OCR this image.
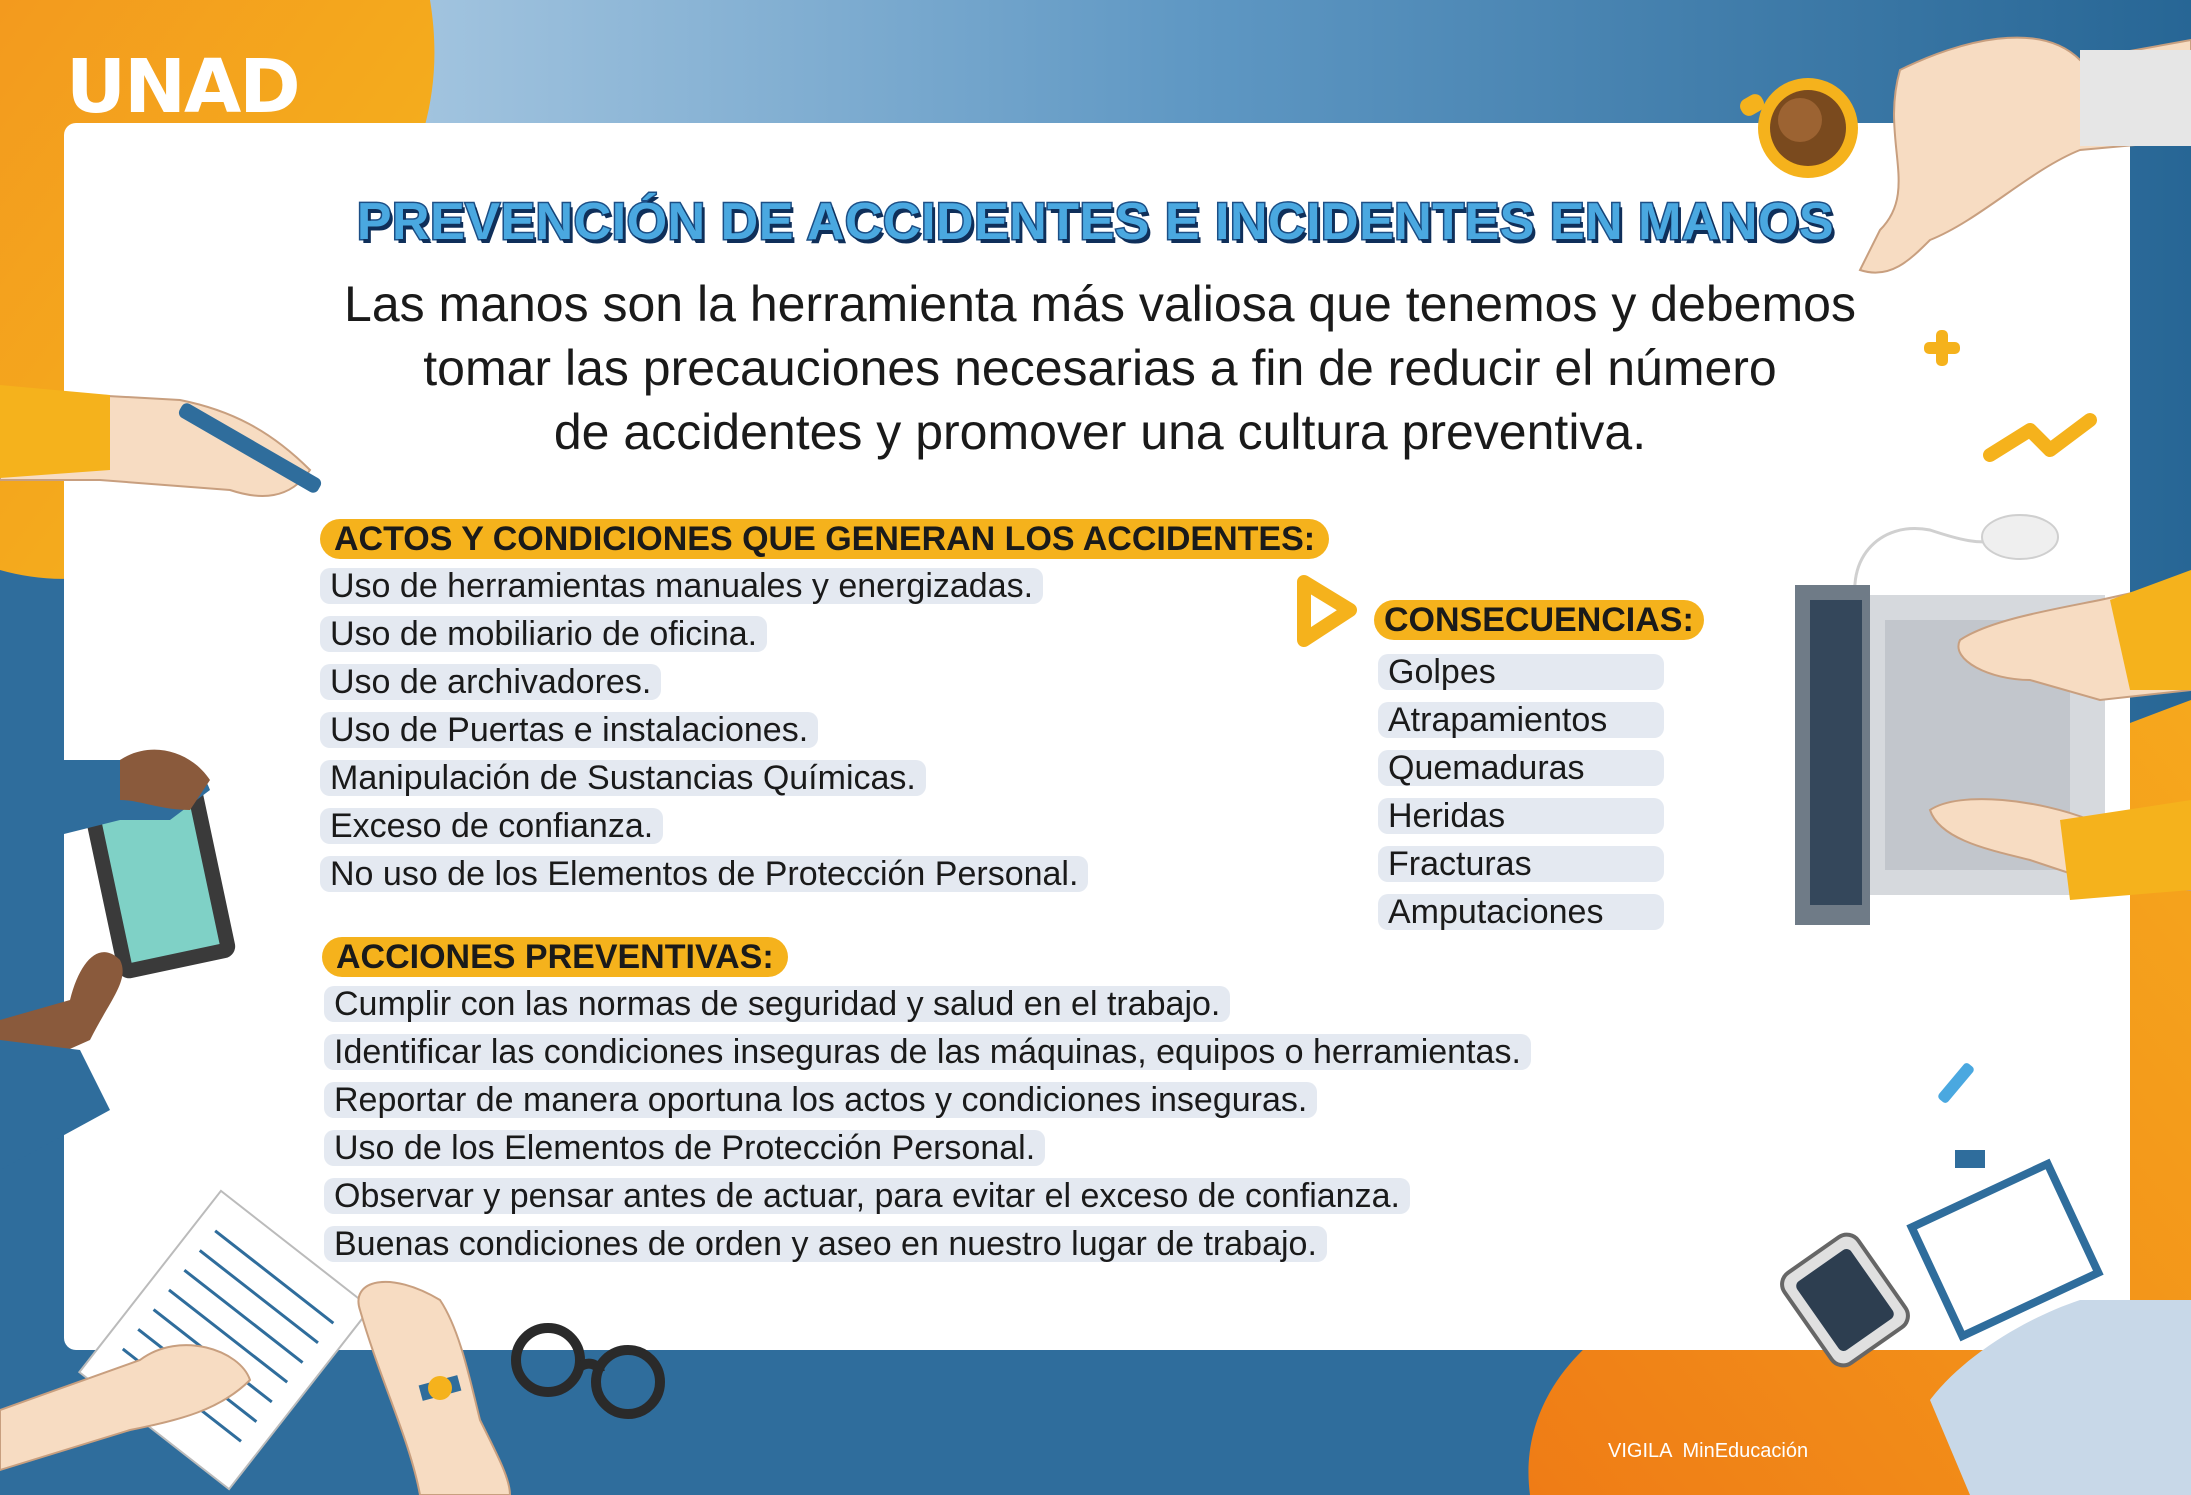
UNAD
Universidad Nacional
Abierta y a Distancia
GTHUM	PREVENCIÓN DE ACCIDENTES E INCIDENTES EN MANOS
Las manos son la herramienta más valiosa que tenemos y debemos
tomar las precauciones necesarias a fin de reducir el número
de accidentes y promover una cultura preventiva.
ACTOS Y CONDICIONES QUE GENERAN LOS ACCIDENTES:
Uso de herramientas manuales y energizadas.
Uso de mobiliario de oficina.
Uso de archivadores.
Uso de Puertas e instalaciones.
Manipulación de Sustancias Químicas.
Exceso de confianza.
No uso de los Elementos de Protección Personal.
CONSECUENCIAS:
Golpes
Atrapamientos
Quemaduras
Heridas
Fracturas
Amputaciones
ACCIONES PREVENTIVAS:
Cumplir con las normas de seguridad y salud en el trabajo.
Identificar las condiciones inseguras de las máquinas, equipos o herramientas.
Reportar de manera oportuna los actos y condiciones inseguras.
Uso de los Elementos de Protección Personal.
Observar y pensar antes de actuar, para evitar el exceso de confianza.
Buenas condiciones de orden y aseo en nuestro lugar de trabajo.
VIGILA MinEducación
